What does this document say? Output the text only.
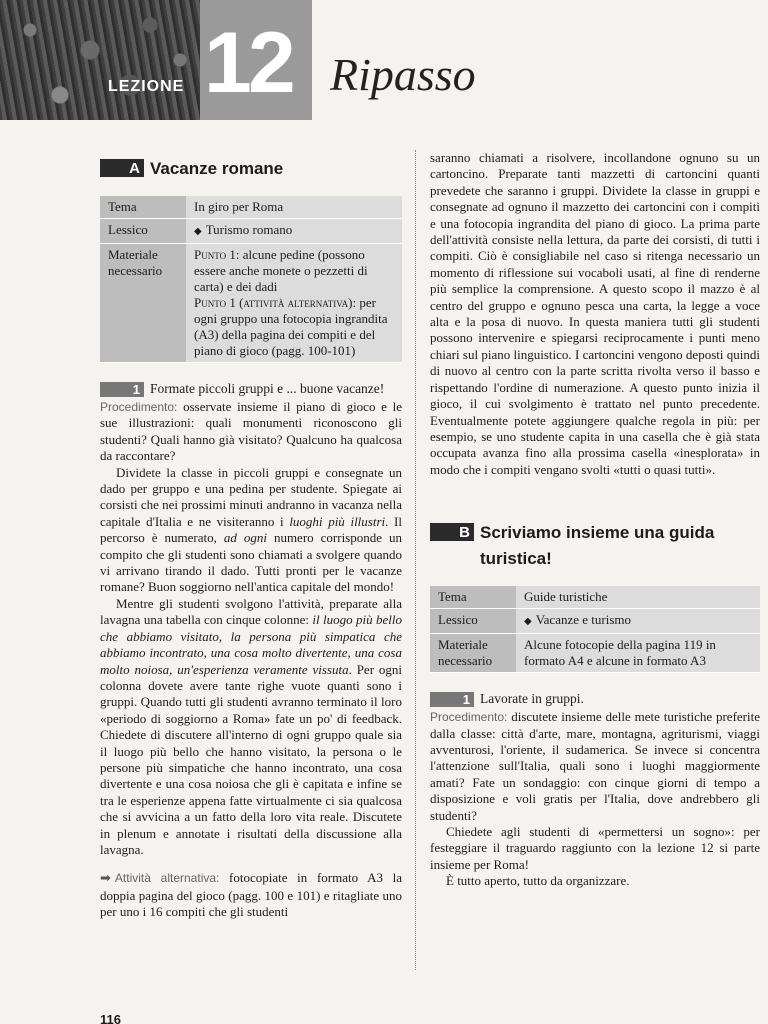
LEZIONE 12 Ripasso
A Vacanze romane
Tema	In giro per Roma
Lessico	◆ Turismo romano
Materiale necessario	Punto 1: alcune pedine (possono essere anche monete o pezzetti di carta) e dei dadi
Punto 1 (attività alternativa): per ogni gruppo una fotocopia ingrandita (A3) della pagina dei compiti e del piano di gioco (pagg. 100-101)
1 Formate piccoli gruppi e ... buone vacanze!

Procedimento: osservate insieme il piano di gioco e le sue illustrazioni: quali monumenti riconoscono gli studenti? Quali hanno già visitato? Qualcuno ha qualcosa da raccontare?

Dividete la classe in piccoli gruppi e consegnate un dado per gruppo e una pedina per studente. Spiegate ai corsisti che nei prossimi minuti andranno in vacanza nella capitale d'Italia e ne visiteranno i luoghi più illustri. Il percorso è numerato, ad ogni numero corrisponde un compito che gli studenti sono chiamati a svolgere quando vi arrivano tirando il dado. Tutti pronti per le vacanze romane? Buon soggiorno nell'antica capitale del mondo!

Mentre gli studenti svolgono l'attività, preparate alla lavagna una tabella con cinque colonne: il luogo più bello che abbiamo visitato, la persona più simpatica che abbiamo incontrato, una cosa molto divertente, una cosa molto noiosa, un'esperienza veramente vissuta. Per ogni colonna dovete avere tante righe vuote quanti sono i gruppi. Quando tutti gli studenti avranno terminato il loro «periodo di soggiorno a Roma» fate un po' di feedback. Chiedete di discutere all'interno di ogni gruppo quale sia il luogo più bello che hanno visitato, la persona o le persone più simpatiche che hanno incontrato, una cosa divertente e una cosa noiosa che gli è capitata e infine se tra le esperienze appena fatte virtualmente ci sia qualcosa che si avvicina a un fatto della loro vita reale. Discutete in plenum e annotate i risultati della discussione alla lavagna.

➡ Attività alternativa: fotocopiate in formato A3 la doppia pagina del gioco (pagg. 100 e 101) e ritagliate uno per uno i 16 compiti che gli studenti

saranno chiamati a risolvere, incollandone ognuno su un cartoncino. Preparate tanti mazzetti di cartoncini quanti prevedete che saranno i gruppi. Dividete la classe in gruppi e consegnate ad ognuno il mazzetto dei cartoncini con i compiti e una fotocopia ingrandita del piano di gioco. La prima parte dell'attività consiste nella lettura, da parte dei corsisti, di tutti i compiti. Ciò è consigliabile nel caso si ritenga necessario un momento di riflessione sui vocaboli usati, al fine di renderne più semplice la comprensione. A questo scopo il mazzo è al centro del gruppo e ognuno pesca una carta, la legge a voce alta e la posa di nuovo. In questa maniera tutti gli studenti possono intervenire e spiegarsi reciprocamente i punti meno chiari sul piano linguistico. I cartoncini vengono deposti quindi di nuovo al centro con la parte scritta rivolta verso il basso e rispettando l'ordine di numerazione. A questo punto inizia il gioco, il cui svolgimento è trattato nel punto precedente. Eventualmente potete aggiungere qualche regola in più: per esempio, se uno studente capita in una casella che è già stata occupata avanza fino alla prossima casella «inesplorata» in modo che i compiti vengano svolti «tutti o quasi tutti».

B Scriviamo insieme una guida turistica!
Tema	Guide turistiche
Lessico	◆ Vacanze e turismo
Materiale necessario	Alcune fotocopie della pagina 119 in formato A4 e alcune in formato A3
1 Lavorate in gruppi.

Procedimento: discutete insieme delle mete turistiche preferite dalla classe: città d'arte, mare, montagna, agriturismi, viaggi avventurosi, l'oriente, il sudamerica. Se invece si concentra l'attenzione sull'Italia, quali sono i luoghi maggiormente amati? Fate un sondaggio: con cinque giorni di tempo a disposizione e voli gratis per l'Italia, dove andrebbero gli studenti?

Chiedete agli studenti di «permettersi un sogno»: per festeggiare il traguardo raggiunto con la lezione 12 si parte insieme per Roma!

È tutto aperto, tutto da organizzare.

116
